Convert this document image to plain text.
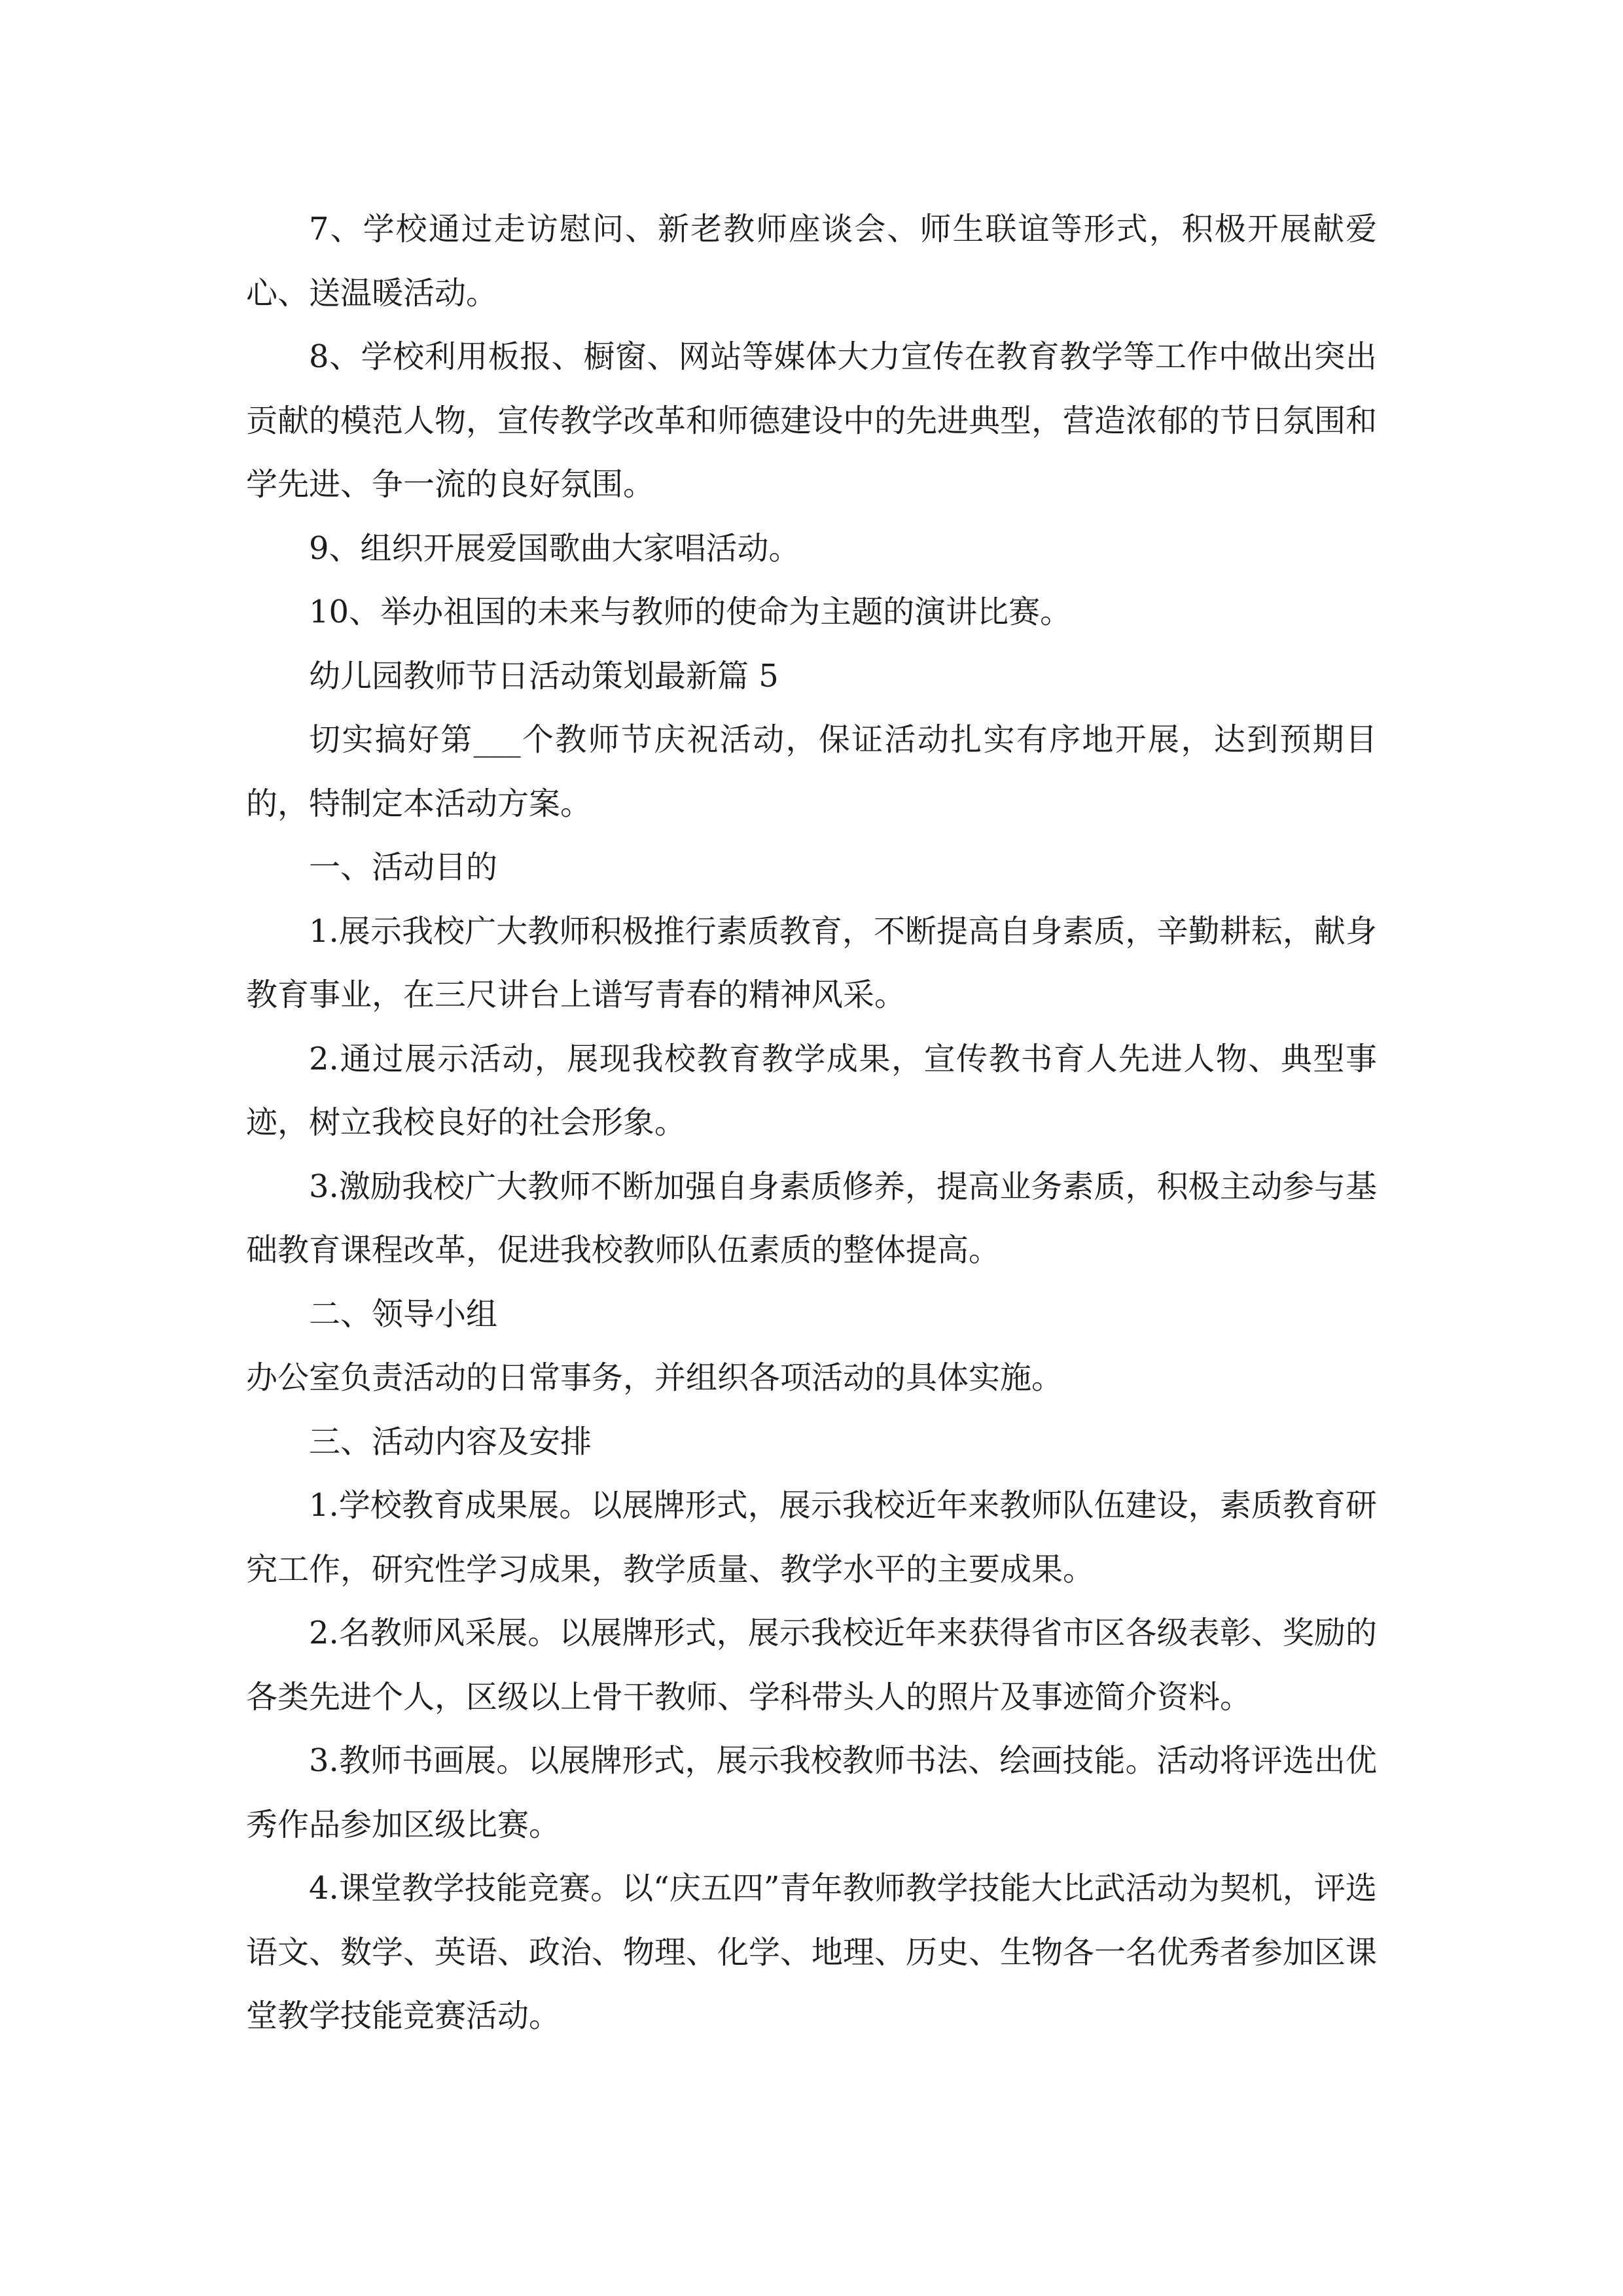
7、学校通过走访慰问、新老教师座谈会、师生联谊等形式，积极开展献爱心、送温暖活动。

8、学校利用板报、橱窗、网站等媒体大力宣传在教育教学等工作中做出突出贡献的模范人物，宣传教学改革和师德建设中的先进典型，营造浓郁的节日氛围和学先进、争一流的良好氛围。

9、组织开展爱国歌曲大家唱活动。

10、举办祖国的未来与教师的使命为主题的演讲比赛。

幼儿园教师节日活动策划最新篇 5

切实搞好第___个教师节庆祝活动，保证活动扎实有序地开展，达到预期目的，特制定本活动方案。

一、活动目的

1.展示我校广大教师积极推行素质教育，不断提高自身素质，辛勤耕耘，献身教育事业，在三尺讲台上谱写青春的精神风采。

2.通过展示活动，展现我校教育教学成果，宣传教书育人先进人物、典型事迹，树立我校良好的社会形象。

3.激励我校广大教师不断加强自身素质修养，提高业务素质，积极主动参与基础教育课程改革，促进我校教师队伍素质的整体提高。

二、领导小组

办公室负责活动的日常事务，并组织各项活动的具体实施。

三、活动内容及安排

1.学校教育成果展。以展牌形式，展示我校近年来教师队伍建设，素质教育研究工作，研究性学习成果，教学质量、教学水平的主要成果。

2.名教师风采展。以展牌形式，展示我校近年来获得省市区各级表彰、奖励的各类先进个人，区级以上骨干教师、学科带头人的照片及事迹简介资料。

3.教师书画展。以展牌形式，展示我校教师书法、绘画技能。活动将评选出优秀作品参加区级比赛。

4.课堂教学技能竞赛。以“庆五四”青年教师教学技能大比武活动为契机，评选语文、数学、英语、政治、物理、化学、地理、历史、生物各一名优秀者参加区课堂教学技能竞赛活动。
